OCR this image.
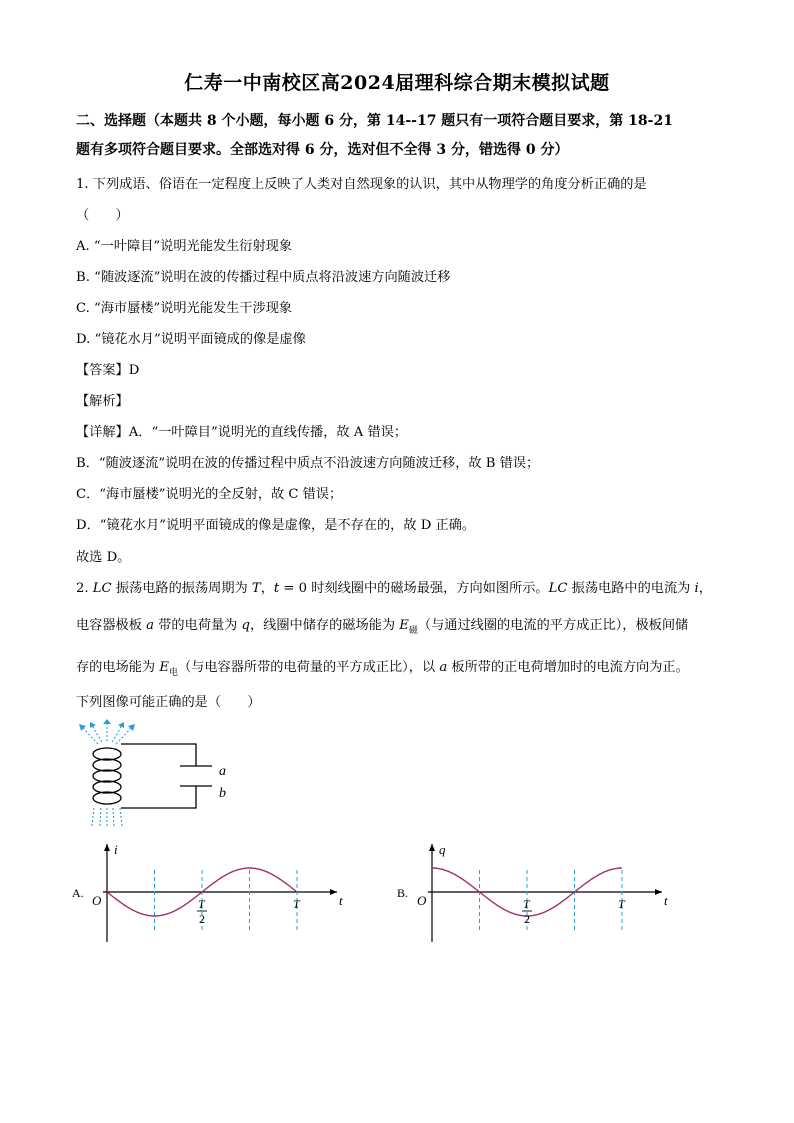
仁寿一中南校区高2024届理科综合期末模拟试题
二、选择题（本题共 8 个小题，每小题 6 分，第 14--17 题只有一项符合题目要求，第 18-21
题有多项符合题目要求。全部选对得 6 分，选对但不全得 3 分，错选得 0 分）
1. 下列成语、俗语在一定程度上反映了人类对自然现象的认识，其中从物理学的角度分析正确的是
（　　）
A. “一叶障目”说明光能发生衍射现象
B. “随波逐流”说明在波的传播过程中质点将沿波速方向随波迁移
C. “海市蜃楼”说明光能发生干涉现象
D. “镜花水月”说明平面镜成的像是虚像
【答案】D
【解析】
【详解】A．“一叶障目”说明光的直线传播，故 A 错误；
B．“随波逐流”说明在波的传播过程中质点不沿波速方向随波迁移，故 B 错误；
C．“海市蜃楼”说明光的全反射，故 C 错误；
D．“镜花水月”说明平面镜成的像是虚像，是不存在的，故 D 正确。
故选 D。
2. LC 振荡电路的振荡周期为 T，t = 0 时刻线圈中的磁场最强，方向如图所示。LC 振荡电路中的电流为 i，
电容器极板 a 带的电荷量为 q，线圈中储存的磁场能为 $E_磁$（与通过线圈的电流的平方成正比），极板间储
存的电场能为 $E_电$（与电容器所带的电荷量的平方成正比），以 a 板所带的正电荷增加时的电流方向为正。
下列图像可能正确的是（　　）
a
b
A.
i
t
O	T
2
T
B.
q
t
O	T
2
T
